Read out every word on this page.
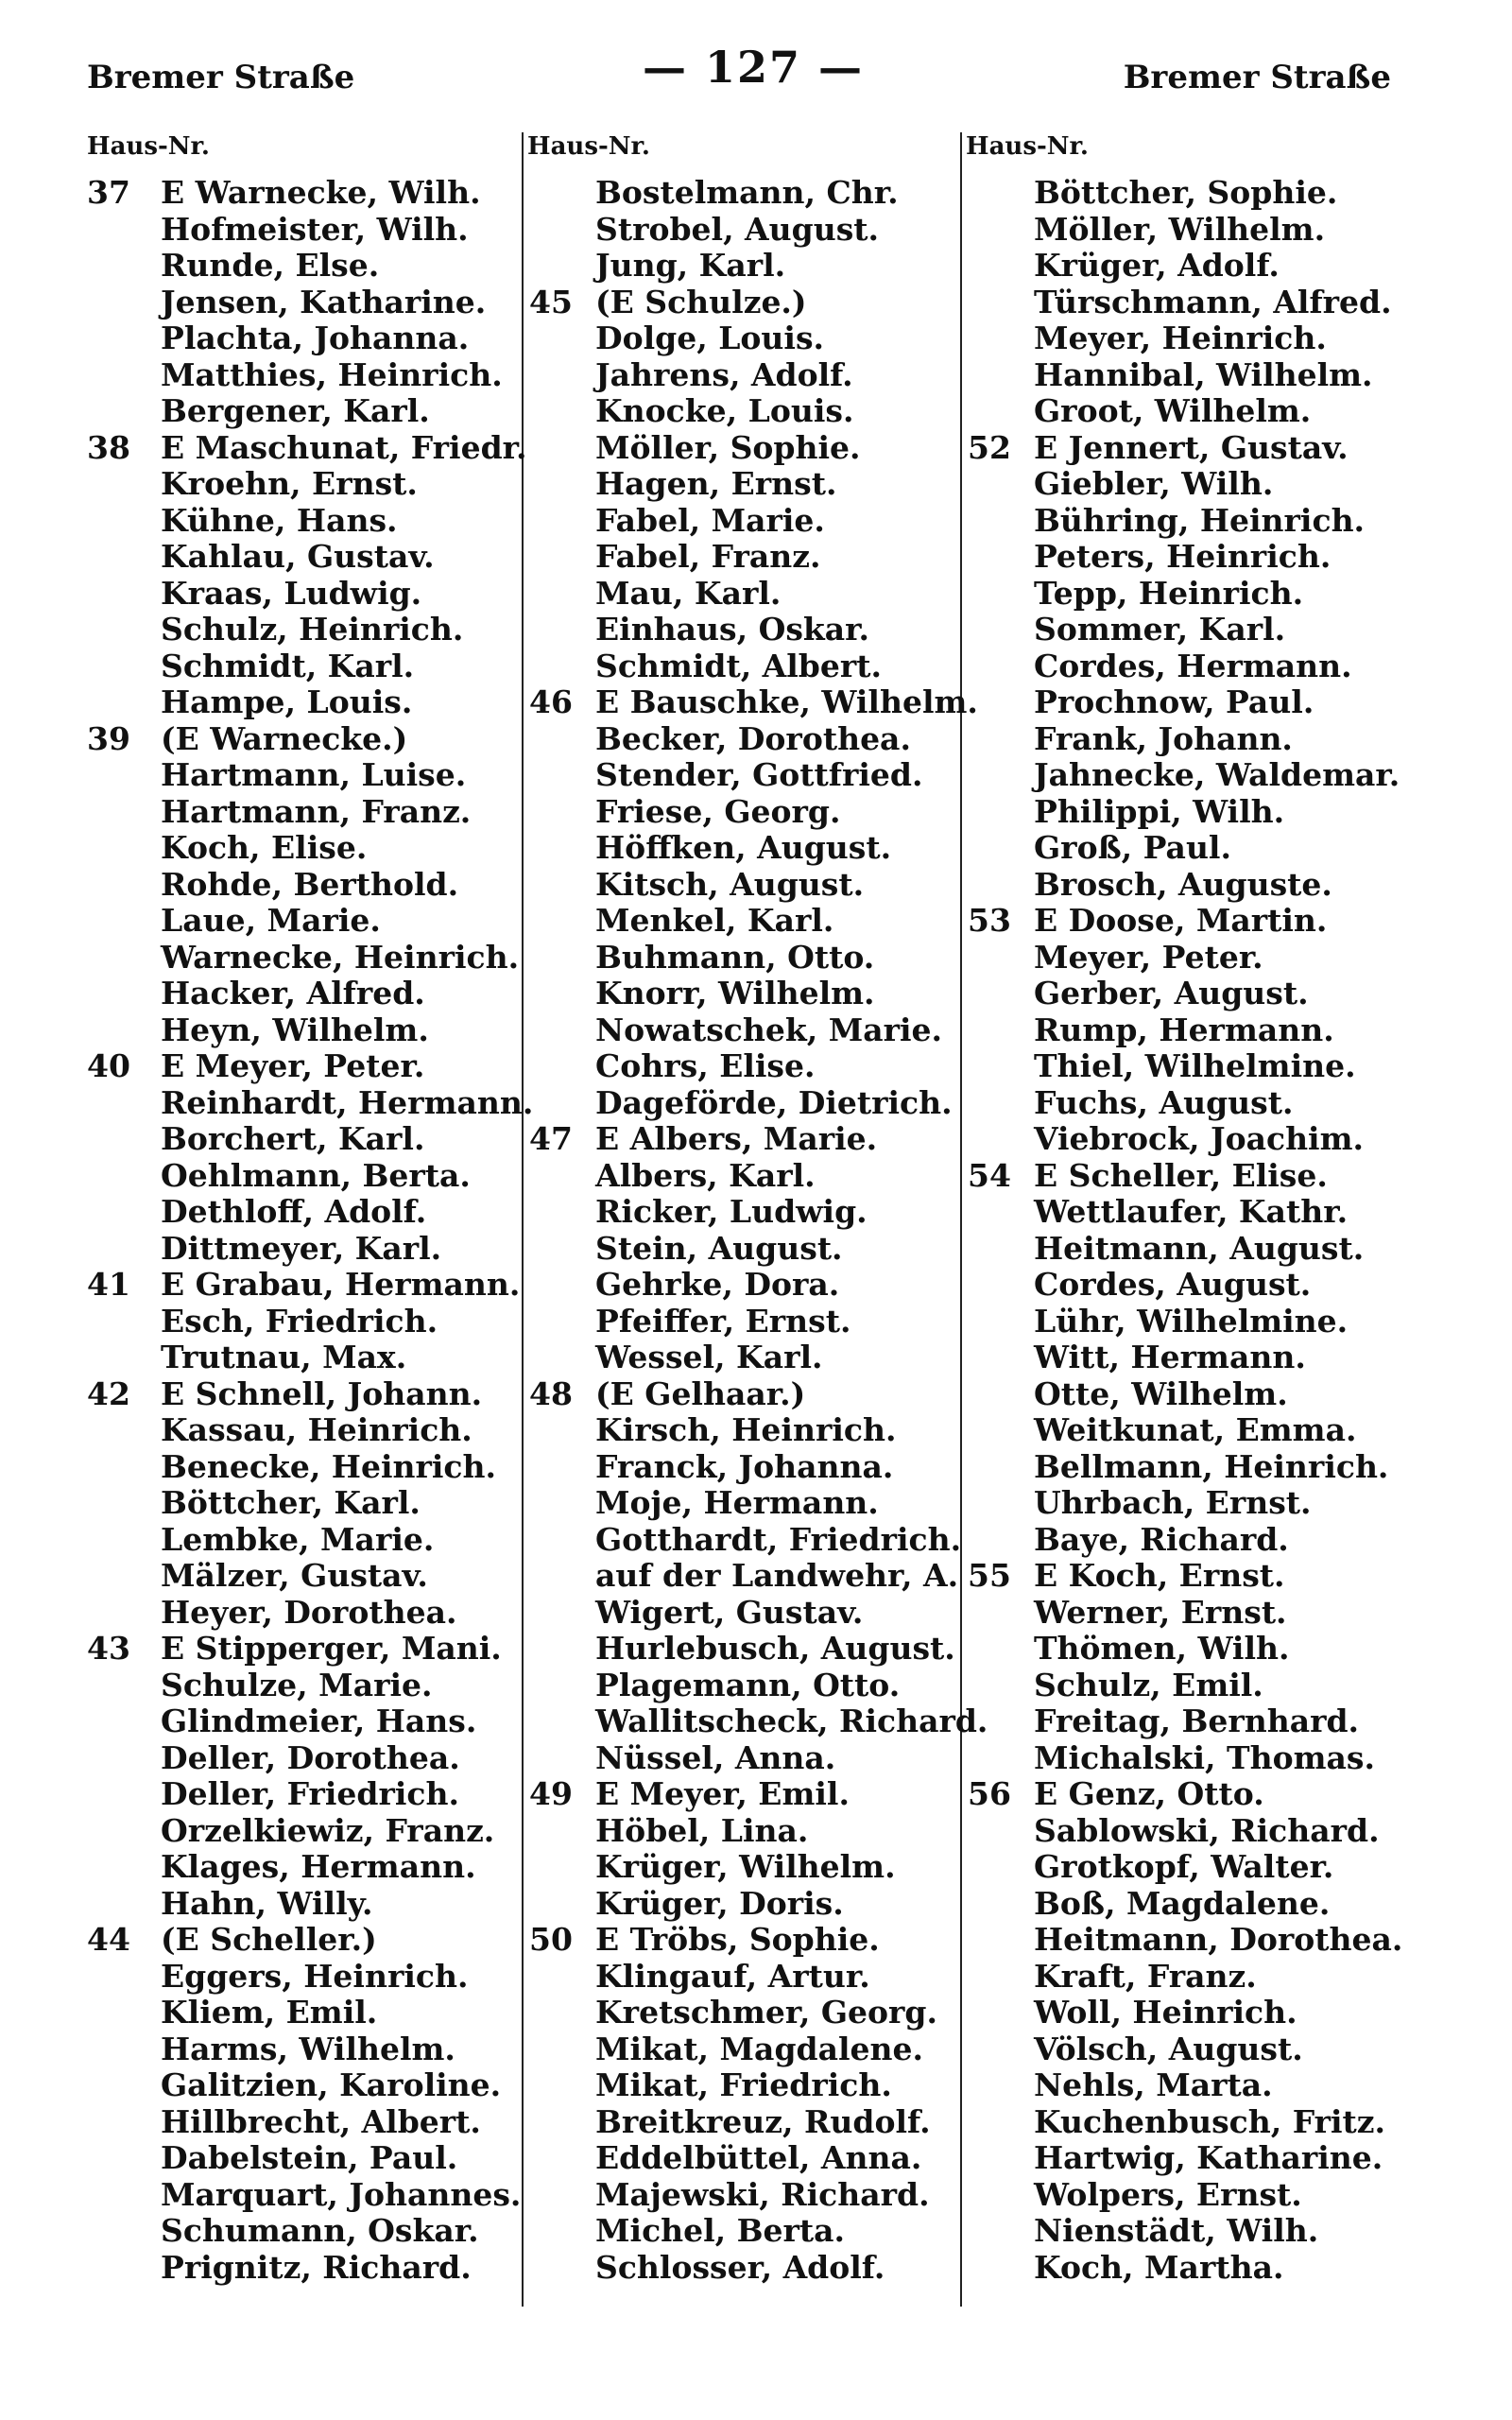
Bremer Straße	— 127 —	Bremer Straße
Haus-Nr.	Haus-Nr.	Haus-Nr.
37 E Warnecke, Wilh.
Hofmeister, Wilh.
Runde, Else.
Jensen, Katharine.
Plachta, Johanna.
Matthies, Heinrich.
Bergener, Karl.
38 E Maschunat, Friedr.
Kroehn, Ernst.
Kühne, Hans.
Kahlau, Gustav.
Kraas, Ludwig.
Schulz, Heinrich.
Schmidt, Karl.
Hampe, Louis.
39 (E Warnecke.)
Hartmann, Luise.
Hartmann, Franz.
Koch, Elise.
Rohde, Berthold.
Laue, Marie.
Warnecke, Heinrich.
Hacker, Alfred.
Heyn, Wilhelm.
40 E Meyer, Peter.
Reinhardt, Hermann.
Borchert, Karl.
Oehlmann, Berta.
Dethloff, Adolf.
Dittmeyer, Karl.
41 E Grabau, Hermann.
Esch, Friedrich.
Trutnau, Max.
42 E Schnell, Johann.
Kassau, Heinrich.
Benecke, Heinrich.
Böttcher, Karl.
Lembke, Marie.
Mälzer, Gustav.
Heyer, Dorothea.
43 E Stipperger, Mani.
Schulze, Marie.
Glindmeier, Hans.
Deller, Dorothea.
Deller, Friedrich.
Orzelkiewiz, Franz.
Klages, Hermann.
Hahn, Willy.
44 (E Scheller.)
Eggers, Heinrich.
Kliem, Emil.
Harms, Wilhelm.
Galitzien, Karoline.
Hillbrecht, Albert.
Dabelstein, Paul.
Marquart, Johannes.
Schumann, Oskar.
Prignitz, Richard.
Bostelmann, Chr.
Strobel, August.
Jung, Karl.
45 (E Schulze.)
Dolge, Louis.
Jahrens, Adolf.
Knocke, Louis.
Möller, Sophie.
Hagen, Ernst.
Fabel, Marie.
Fabel, Franz.
Mau, Karl.
Einhaus, Oskar.
Schmidt, Albert.
46 E Bauschke, Wilhelm.
Becker, Dorothea.
Stender, Gottfried.
Friese, Georg.
Höffken, August.
Kitsch, August.
Menkel, Karl.
Buhmann, Otto.
Knorr, Wilhelm.
Nowatschek, Marie.
Cohrs, Elise.
Dageförde, Dietrich.
47 E Albers, Marie.
Albers, Karl.
Ricker, Ludwig.
Stein, August.
Gehrke, Dora.
Pfeiffer, Ernst.
Wessel, Karl.
48 (E Gelhaar.)
Kirsch, Heinrich.
Franck, Johanna.
Moje, Hermann.
Gotthardt, Friedrich.
auf der Landwehr, A.
Wigert, Gustav.
Hurlebusch, August.
Plagemann, Otto.
Wallitscheck, Richard.
Nüssel, Anna.
49 E Meyer, Emil.
Höbel, Lina.
Krüger, Wilhelm.
Krüger, Doris.
50 E Tröbs, Sophie.
Klingauf, Artur.
Kretschmer, Georg.
Mikat, Magdalene.
Mikat, Friedrich.
Breitkreuz, Rudolf.
Eddelbüttel, Anna.
Majewski, Richard.
Michel, Berta.
Schlosser, Adolf.
Böttcher, Sophie.
Möller, Wilhelm.
Krüger, Adolf.
Türschmann, Alfred.
Meyer, Heinrich.
Hannibal, Wilhelm.
Groot, Wilhelm.
52 E Jennert, Gustav.
Giebler, Wilh.
Bühring, Heinrich.
Peters, Heinrich.
Tepp, Heinrich.
Sommer, Karl.
Cordes, Hermann.
Prochnow, Paul.
Frank, Johann.
Jahnecke, Waldemar.
Philippi, Wilh.
Groß, Paul.
Brosch, Auguste.
53 E Doose, Martin.
Meyer, Peter.
Gerber, August.
Rump, Hermann.
Thiel, Wilhelmine.
Fuchs, August.
Viebrock, Joachim.
54 E Scheller, Elise.
Wettlaufer, Kathr.
Heitmann, August.
Cordes, August.
Lühr, Wilhelmine.
Witt, Hermann.
Otte, Wilhelm.
Weitkunat, Emma.
Bellmann, Heinrich.
Uhrbach, Ernst.
Baye, Richard.
55 E Koch, Ernst.
Werner, Ernst.
Thömen, Wilh.
Schulz, Emil.
Freitag, Bernhard.
Michalski, Thomas.
56 E Genz, Otto.
Sablowski, Richard.
Grotkopf, Walter.
Boß, Magdalene.
Heitmann, Dorothea.
Kraft, Franz.
Woll, Heinrich.
Völsch, August.
Nehls, Marta.
Kuchenbusch, Fritz.
Hartwig, Katharine.
Wolpers, Ernst.
Nienstädt, Wilh.
Koch, Martha.
